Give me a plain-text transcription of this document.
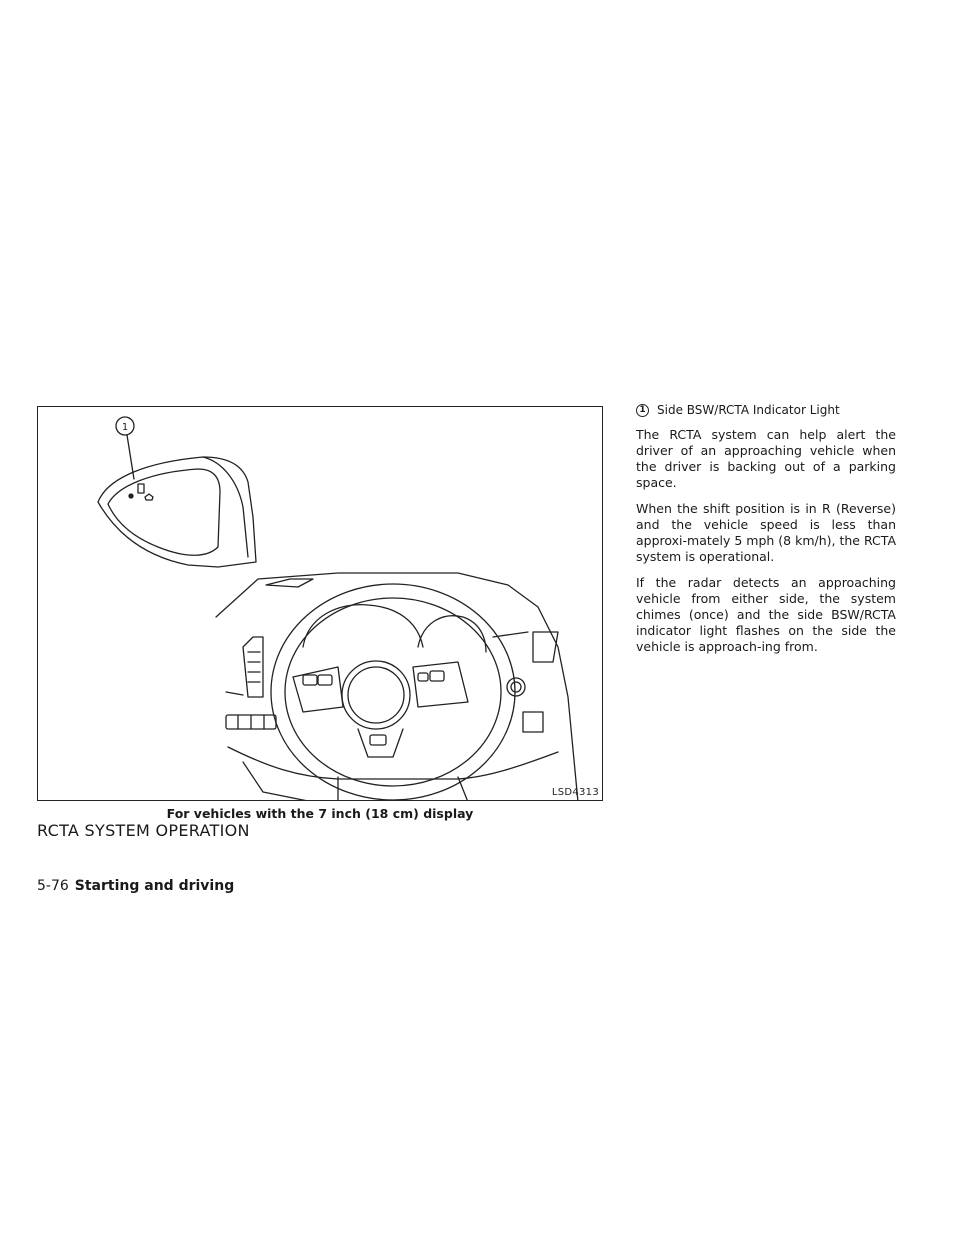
1
LSD4313
For vehicles with the 7 inch (18 cm) display
RCTA SYSTEM OPERATION
1 Side BSW/RCTA Indicator Light

The RCTA system can help alert the driver of an approaching vehicle when the driver is backing out of a parking space.

When the shift position is in R (Reverse) and the vehicle speed is less than approxi-mately 5 mph (8 km/h), the RCTA system is operational.

If the radar detects an approaching vehicle from either side, the system chimes (once) and the side BSW/RCTA indicator light flashes on the side the vehicle is approach-ing from.

5-76 Starting and driving
